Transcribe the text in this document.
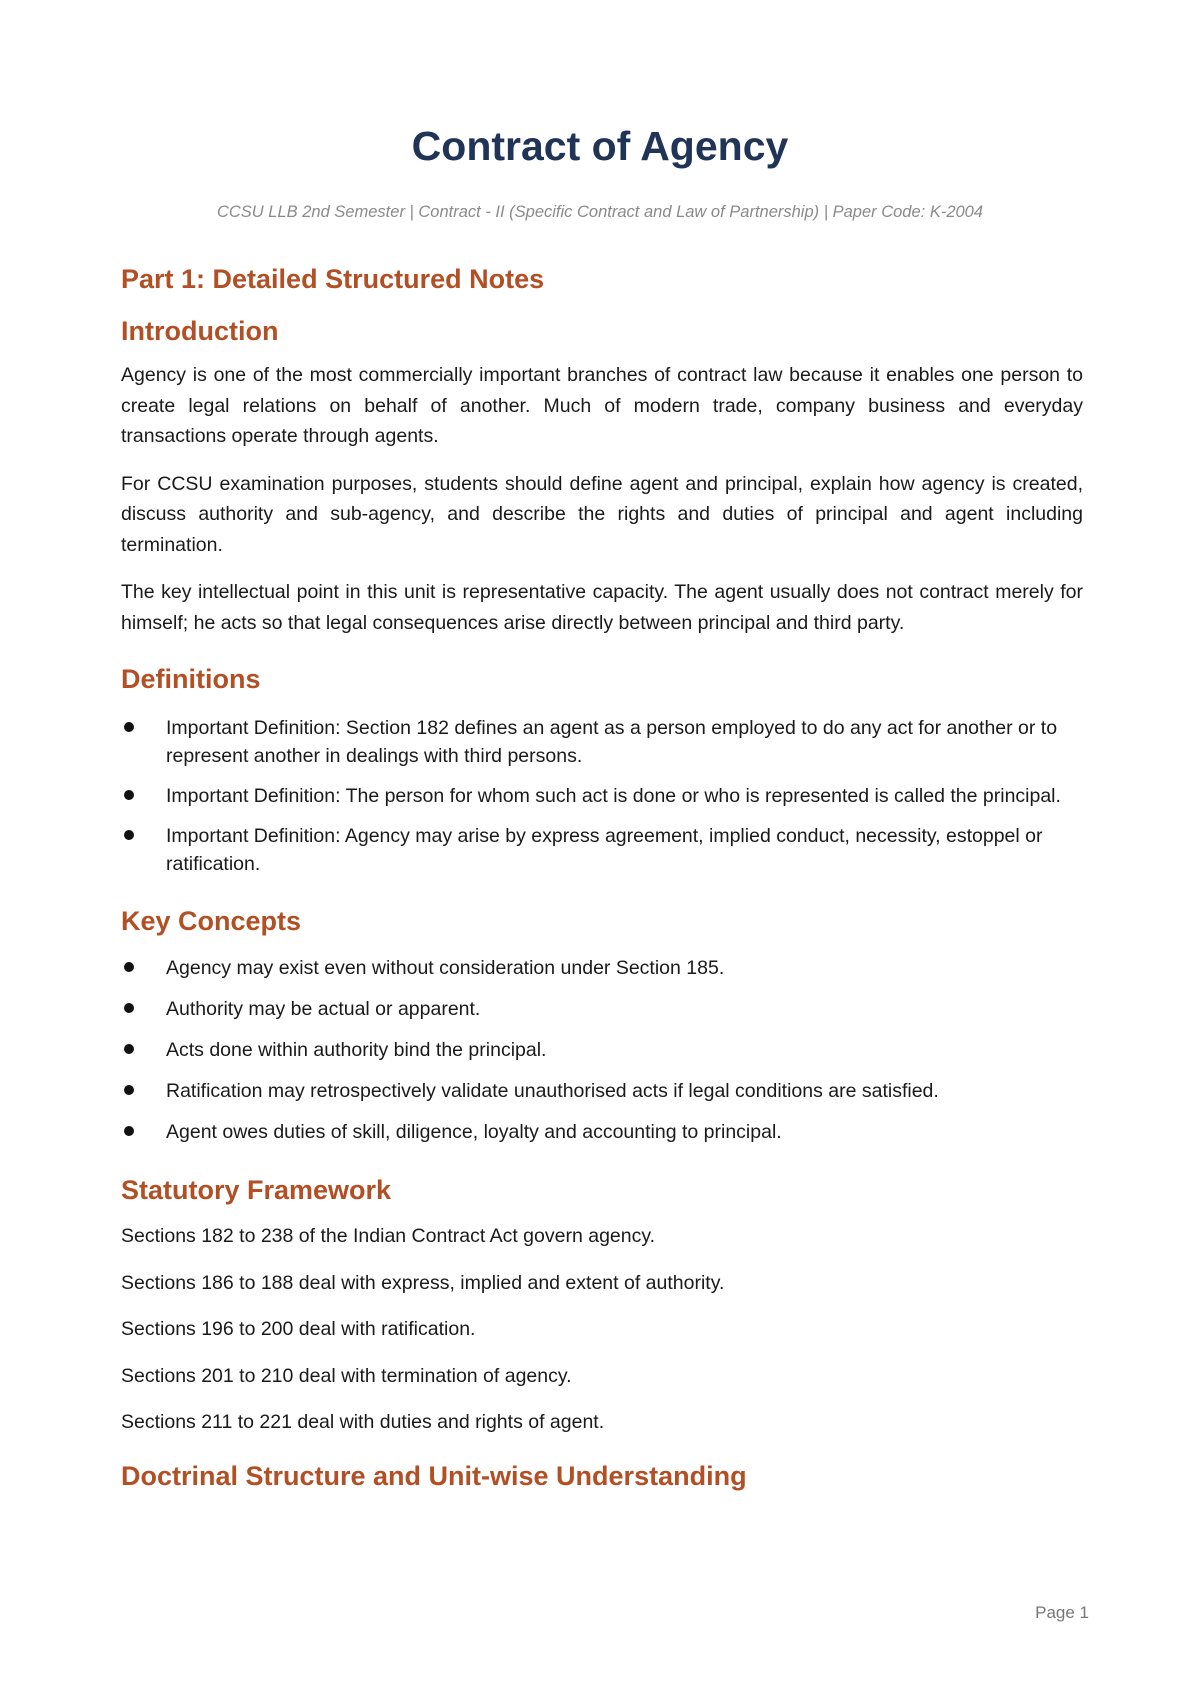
Contract of Agency

CCSU LLB 2nd Semester | Contract - II (Specific Contract and Law of Partnership) | Paper Code: K-2004

Part 1: Detailed Structured Notes
Introduction

Agency is one of the most commercially important branches of contract law because it enables one person to create legal relations on behalf of another. Much of modern trade, company business and everyday transactions operate through agents.

For CCSU examination purposes, students should define agent and principal, explain how agency is created, discuss authority and sub-agency, and describe the rights and duties of principal and agent including termination.

The key intellectual point in this unit is representative capacity. The agent usually does not contract merely for himself; he acts so that legal consequences arise directly between principal and third party.

Definitions
Important Definition: Section 182 defines an agent as a person employed to do any act for another or to represent another in dealings with third persons.
Important Definition: The person for whom such act is done or who is represented is called the principal.
Important Definition: Agency may arise by express agreement, implied conduct, necessity, estoppel or ratification.
Key Concepts
Agency may exist even without consideration under Section 185.
Authority may be actual or apparent.
Acts done within authority bind the principal.
Ratification may retrospectively validate unauthorised acts if legal conditions are satisfied.
Agent owes duties of skill, diligence, loyalty and accounting to principal.
Statutory Framework

Sections 182 to 238 of the Indian Contract Act govern agency.

Sections 186 to 188 deal with express, implied and extent of authority.

Sections 196 to 200 deal with ratification.

Sections 201 to 210 deal with termination of agency.

Sections 211 to 221 deal with duties and rights of agent.

Doctrinal Structure and Unit-wise Understanding
Page 1
